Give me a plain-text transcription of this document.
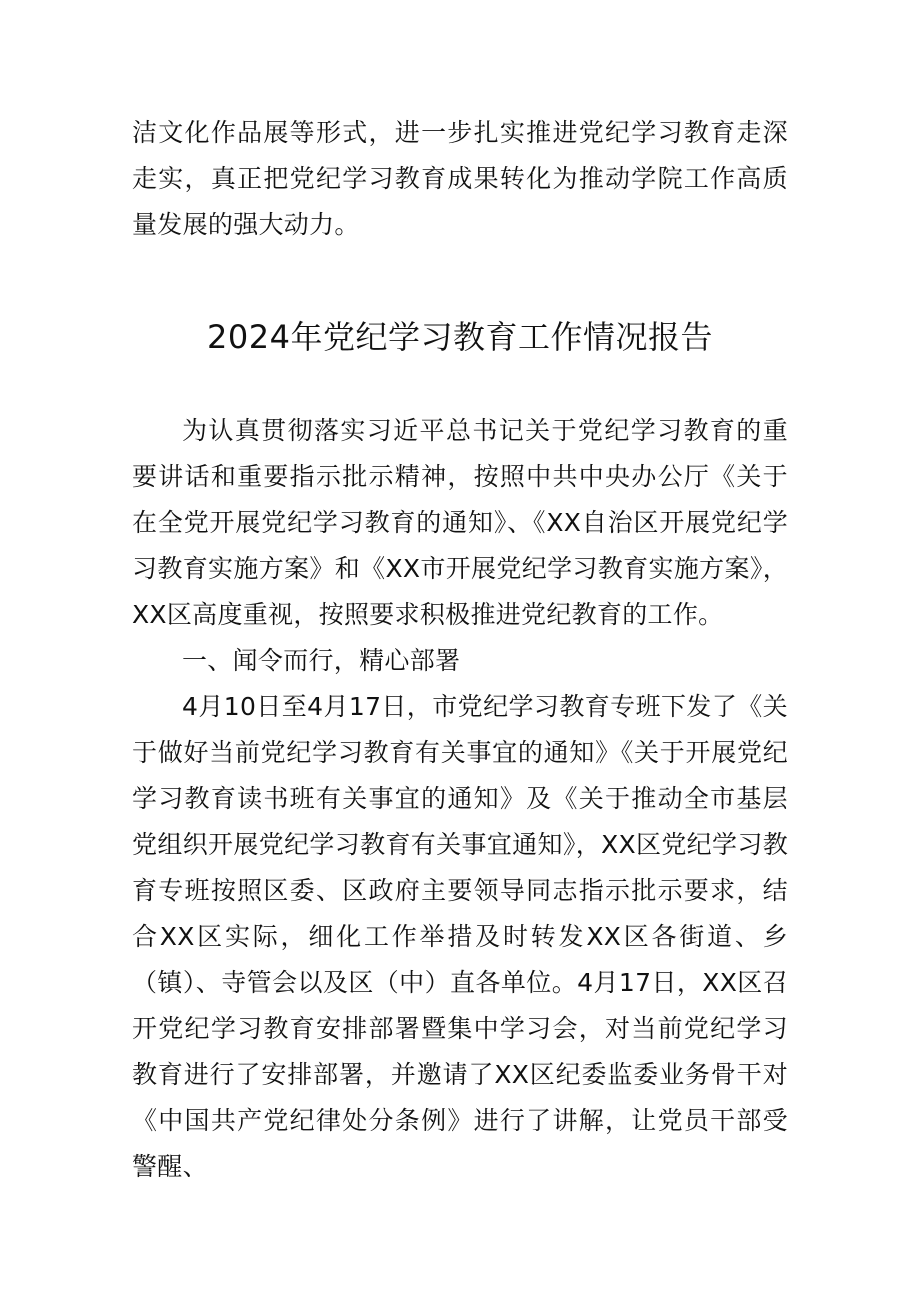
洁文化作品展等形式，进一步扎实推进党纪学习教育走深走实，真正把党纪学习教育成果转化为推动学院工作高质量发展的强大动力。

2024年党纪学习教育工作情况报告

为认真贯彻落实习近平总书记关于党纪学习教育的重要讲话和重要指示批示精神，按照中共中央办公厅《关于在全党开展党纪学习教育的通知》、《XX自治区开展党纪学习教育实施方案》和《XX市开展党纪学习教育实施方案》，XX区高度重视，按照要求积极推进党纪教育的工作。

一、闻令而行，精心部署

4月10日至4月17日，市党纪学习教育专班下发了《关于做好当前党纪学习教育有关事宜的通知》《关于开展党纪学习教育读书班有关事宜的通知》及《关于推动全市基层党组织开展党纪学习教育有关事宜通知》，XX区党纪学习教育专班按照区委、区政府主要领导同志指示批示要求，结合XX区实际，细化工作举措及时转发XX区各街道、乡（镇）、寺管会以及区（中）直各单位。4月17日，XX区召开党纪学习教育安排部署暨集中学习会，对当前党纪学习教育进行了安排部署，并邀请了XX区纪委监委业务骨干对《中国共产党纪律处分条例》进行了讲解，让党员干部受警醒、
